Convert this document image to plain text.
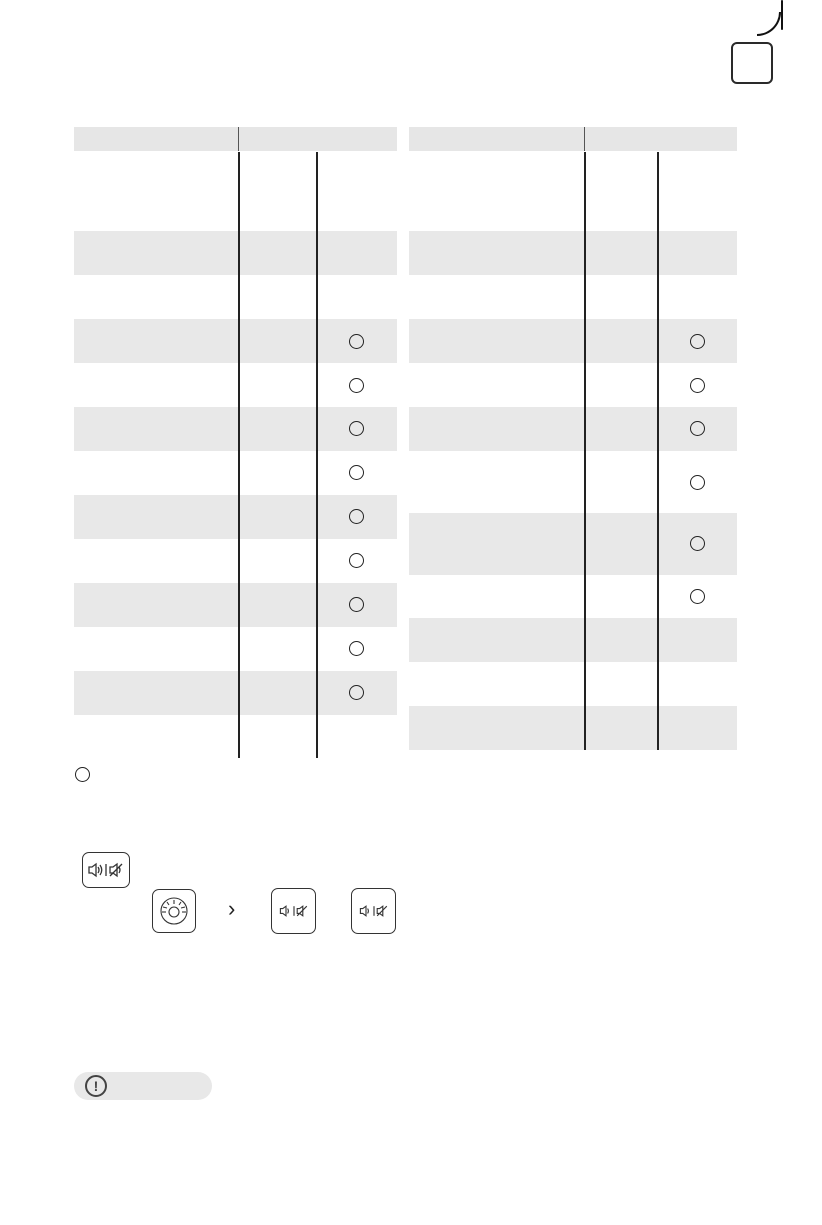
›
!
